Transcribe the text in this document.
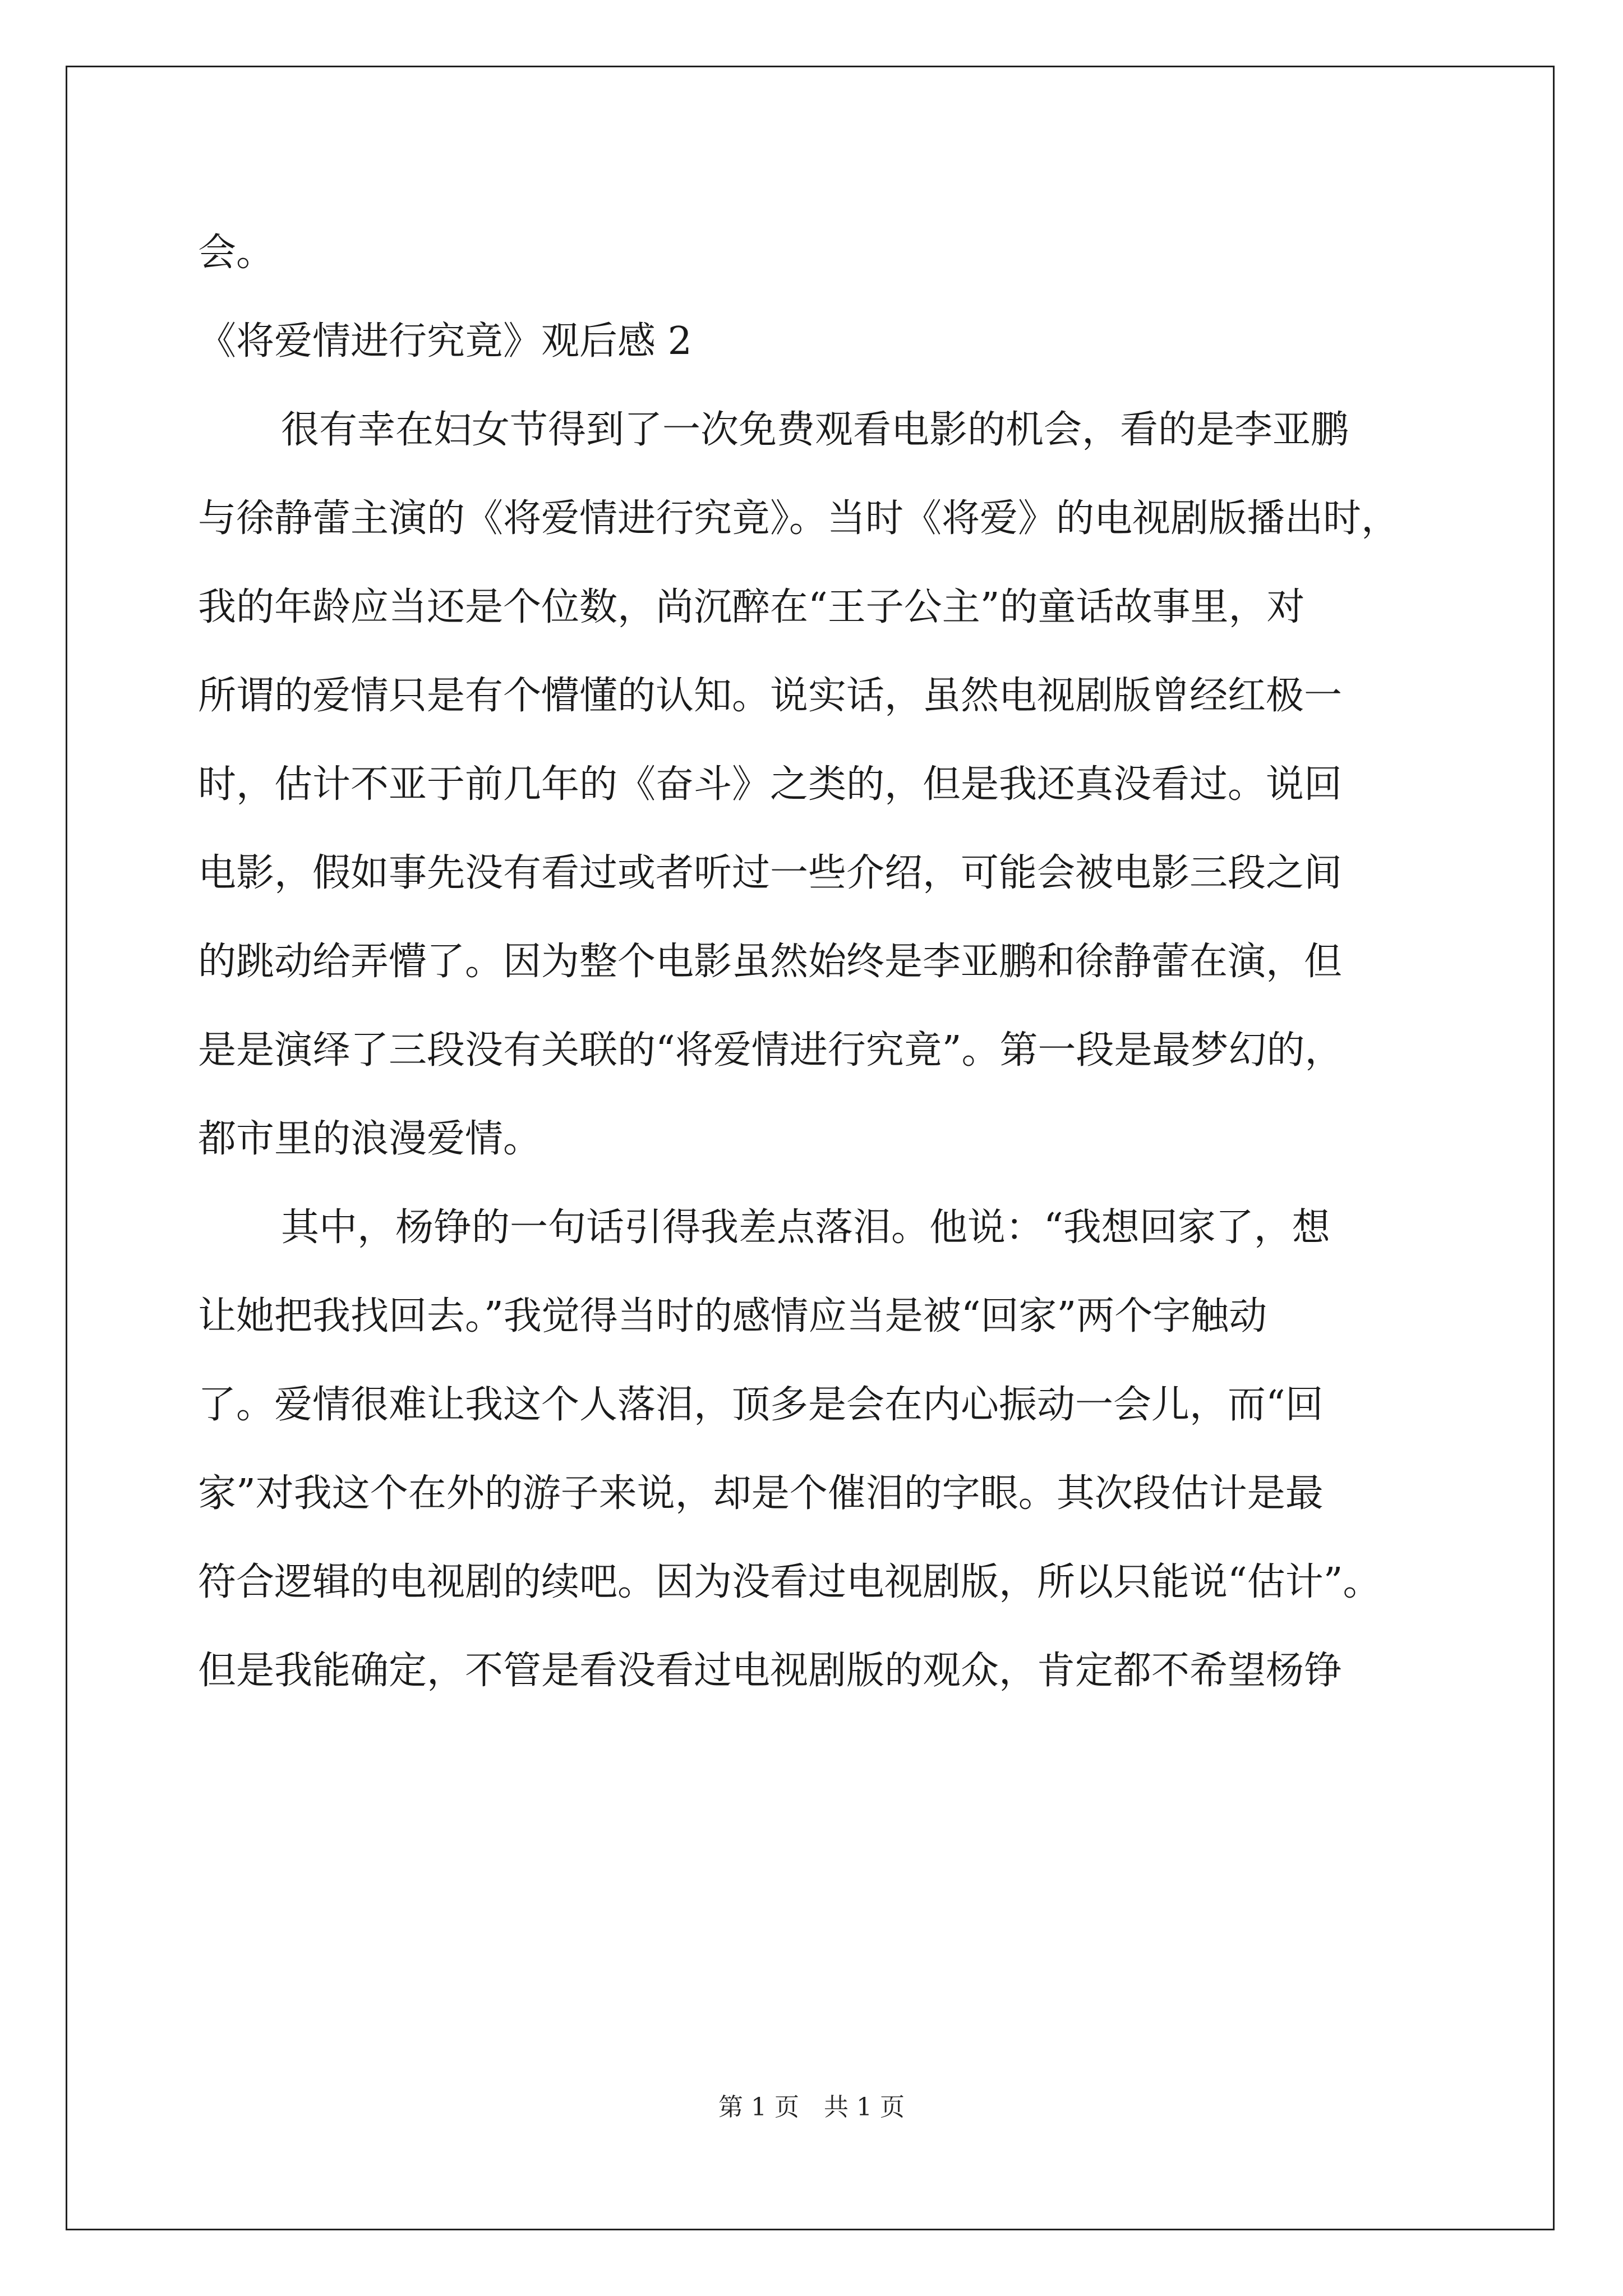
会。
《将爱情进行究竟》观后感 2
很有幸在妇女节得到了一次免费观看电影的机会，看的是李亚鹏
与徐静蕾主演的《将爱情进行究竟》。当时《将爱》的电视剧版播出时，
我的年龄应当还是个位数，尚沉醉在“王子公主”的童话故事里，对
所谓的爱情只是有个懵懂的认知。说实话，虽然电视剧版曾经红极一
时，估计不亚于前几年的《奋斗》之类的，但是我还真没看过。说回
电影，假如事先没有看过或者听过一些介绍，可能会被电影三段之间
的跳动给弄懵了。因为整个电影虽然始终是李亚鹏和徐静蕾在演，但
是是演绎了三段没有关联的“将爱情进行究竟”。第一段是最梦幻的，
都市里的浪漫爱情。
其中，杨铮的一句话引得我差点落泪。他说：“我想回家了，想
让她把我找回去。”我觉得当时的感情应当是被“回家”两个字触动
了。爱情很难让我这个人落泪，顶多是会在内心振动一会儿，而“回
家”对我这个在外的游子来说，却是个催泪的字眼。其次段估计是最
符合逻辑的电视剧的续吧。因为没看过电视剧版，所以只能说“估计”。
但是我能确定，不管是看没看过电视剧版的观众，肯定都不希望杨铮
第 1 页　共 1 页
